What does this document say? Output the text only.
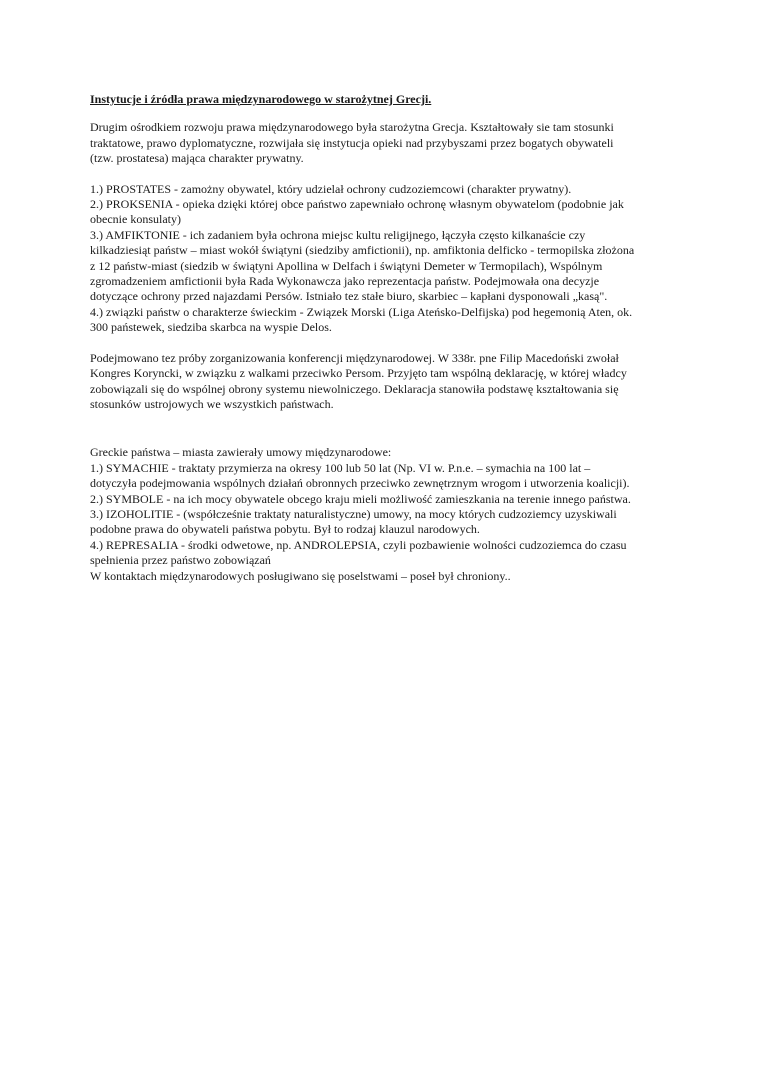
Instytucje i źródła prawa międzynarodowego w starożytnej Grecji.

Drugim ośrodkiem rozwoju prawa międzynarodowego była starożytna Grecja. Kształtowały sie tam stosunki
traktatowe, prawo dyplomatyczne, rozwijała się instytucja opieki nad przybyszami przez bogatych obywateli
(tzw. prostatesa) mająca charakter prywatny.
1.) PROSTATES - zamożny obywatel, który udzielał ochrony cudzoziemcowi (charakter prywatny).
2.) PROKSENIA - opieka dzięki której obce państwo zapewniało ochronę własnym obywatelom (podobnie jak
obecnie konsulaty)
3.) AMFIKTONIE - ich zadaniem była ochrona miejsc kultu religijnego, łączyła często kilkanaście czy
kilkadziesiąt państw – miast wokół świątyni (siedziby amfictionii), np. amfiktonia delficko - termopilska złożona
z 12 państw-miast (siedzib w świątyni Apollina w Delfach i świątyni Demeter w Termopilach), Wspólnym
zgromadzeniem amfictionii była Rada Wykonawcza jako reprezentacja państw. Podejmowała ona decyzje
dotyczące ochrony przed najazdami Persów. Istniało tez stałe biuro, skarbiec – kapłani dysponowali „kasą".
4.) związki państw o charakterze świeckim - Związek Morski (Liga Ateńsko-Delfijska) pod hegemonią Aten, ok.
300 państewek, siedziba skarbca na wyspie Delos.
Podejmowano tez próby zorganizowania konferencji międzynarodowej. W 338r. pne Filip Macedoński zwołał
Kongres Koryncki, w związku z walkami przeciwko Persom. Przyjęto tam wspólną deklarację, w której władcy
zobowiązali się do wspólnej obrony systemu niewolniczego. Deklaracja stanowiła podstawę kształtowania się
stosunków ustrojowych we wszystkich państwach.
Greckie państwa – miasta zawierały umowy międzynarodowe:
1.) SYMACHIE - traktaty przymierza na okresy 100 lub 50 lat (Np. VI w. P.n.e. – symachia na 100 lat –
dotyczyła podejmowania wspólnych działań obronnych przeciwko zewnętrznym wrogom i utworzenia koalicji).
2.) SYMBOLE - na ich mocy obywatele obcego kraju mieli możliwość zamieszkania na terenie innego państwa.
3.) IZOHOLITIE - (współcześnie traktaty naturalistyczne) umowy, na mocy których cudzoziemcy uzyskiwali
podobne prawa do obywateli państwa pobytu. Był to rodzaj klauzul narodowych.
4.) REPRESALIA - środki odwetowe, np. ANDROLEPSIA, czyli pozbawienie wolności cudzoziemca do czasu
spełnienia przez państwo zobowiązań
W kontaktach międzynarodowych posługiwano się poselstwami – poseł był chroniony..
